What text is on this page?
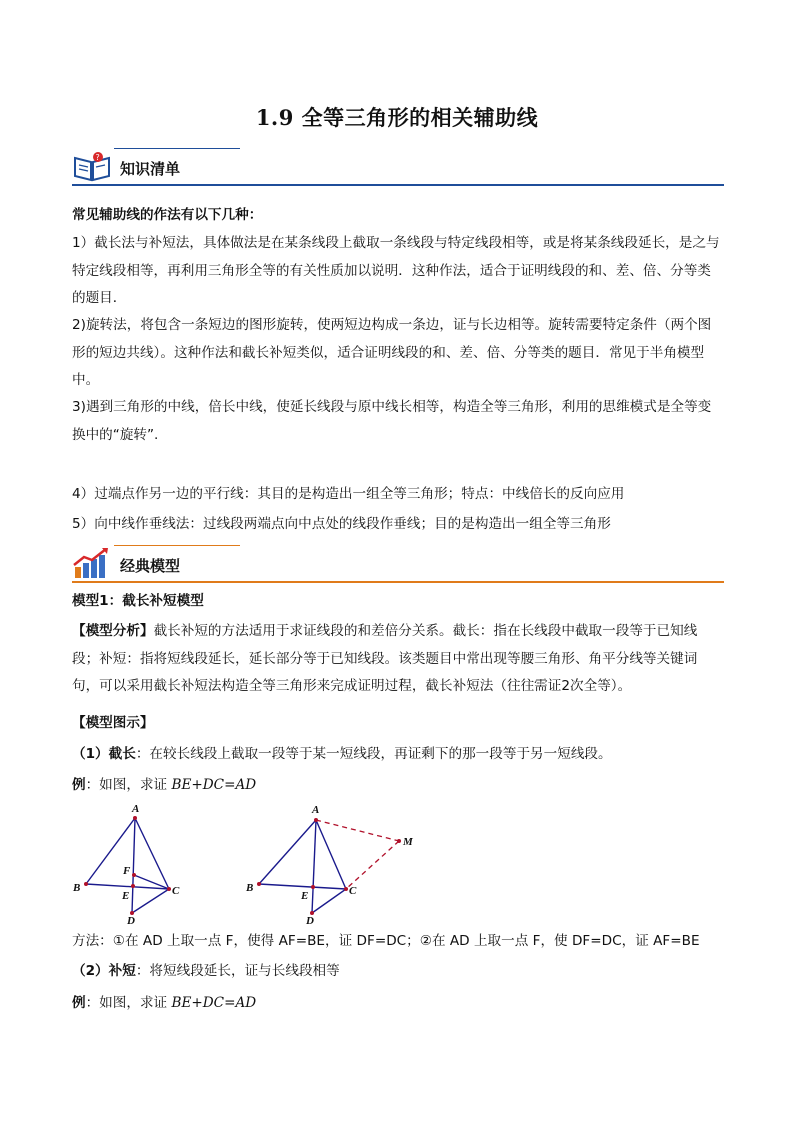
1.9 全等三角形的相关辅助线
?
知识清单
常见辅助线的作法有以下几种：
1）截长法与补短法，具体做法是在某条线段上截取一条线段与特定线段相等，或是将某条线段延长，是之与特定线段相等，再利用三角形全等的有关性质加以说明．这种作法，适合于证明线段的和、差、倍、分等类的题目．
2)旋转法，将包含一条短边的图形旋转，使两短边构成一条边，证与长边相等。旋转需要特定条件（两个图形的短边共线）。这种作法和截长补短类似，适合证明线段的和、差、倍、分等类的题目．常见于半角模型中。
3)遇到三角形的中线，倍长中线，使延长线段与原中线长相等，构造全等三角形，利用的思维模式是全等变换中的“旋转”.
4）过端点作另一边的平行线：其目的是构造出一组全等三角形；特点：中线倍长的反向应用
5）向中线作垂线法：过线段两端点向中点处的线段作垂线；目的是构造出一组全等三角形
经典模型
模型1：截长补短模型
【模型分析】截长补短的方法适用于求证线段的和差倍分关系。截长：指在长线段中截取一段等于已知线段；补短：指将短线段延长，延长部分等于已知线段。该类题目中常出现等腰三角形、角平分线等关键词句，可以采用截长补短法构造全等三角形来完成证明过程，截长补短法（往往需证2次全等）。
【模型图示】
（1）截长：在较长线段上截取一段等于某一短线段，再证剩下的那一段等于另一短线段。
例：如图，求证 BE+DC=AD
A
B	C
D
E
F
A
B	C
D
E
M
方法：①在 AD 上取一点 F，使得 AF=BE，证 DF=DC；②在 AD 上取一点 F，使 DF=DC，证 AF=BE
（2）补短：将短线段延长，证与长线段相等
例：如图，求证 BE+DC=AD
